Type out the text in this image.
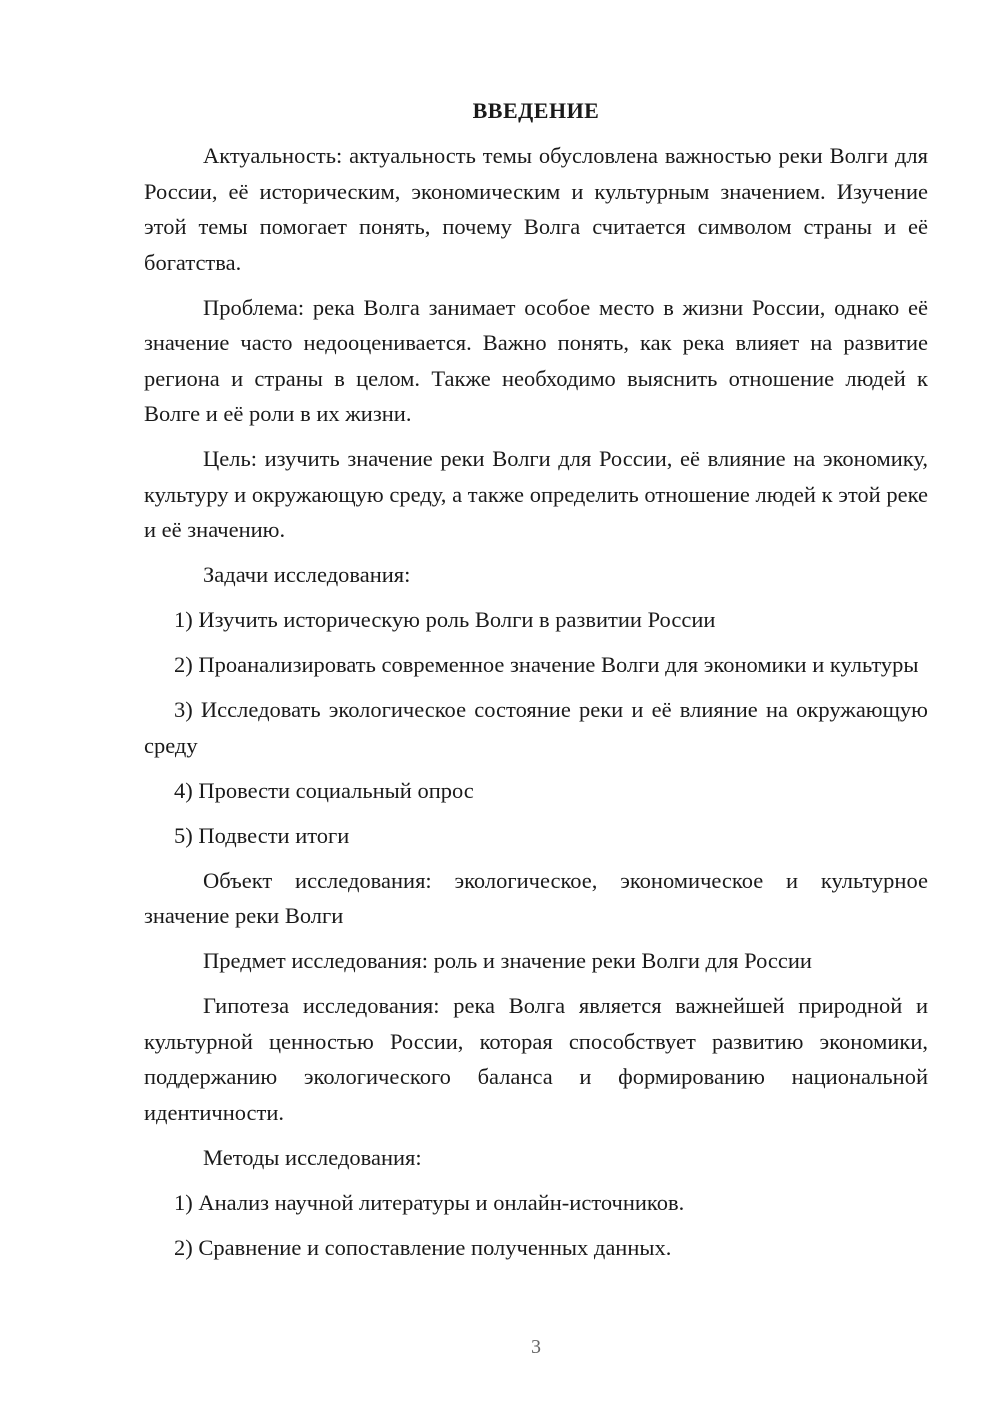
ВВЕДЕНИЕ

Актуальность: актуальность темы обусловлена важностью реки Волги для России, её историческим, экономическим и культурным значением. Изучение этой темы помогает понять, почему Волга считается символом страны и её богатства.

Проблема: река Волга занимает особое место в жизни России, однако её значение часто недооценивается. Важно понять, как река влияет на развитие региона и страны в целом. Также необходимо выяснить отношение людей к Волге и её роли в их жизни.

Цель: изучить значение реки Волги для России, её влияние на экономику, культуру и окружающую среду, а также определить отношение людей к этой реке и её значению.

Задачи исследования:

1) Изучить историческую роль Волги в развитии России

2) Проанализировать современное значение Волги для экономики и культуры

3) Исследовать экологическое состояние реки и её влияние на окружающую среду

4) Провести социальный опрос

5) Подвести итоги

Объект исследования: экологическое, экономическое и культурное значение реки Волги

Предмет исследования: роль и значение реки Волги для России

Гипотеза исследования: река Волга является важнейшей природной и культурной ценностью России, которая способствует развитию экономики, поддержанию экологического баланса и формированию национальной идентичности.

Методы исследования:

1) Анализ научной литературы и онлайн-источников.

2) Сравнение и сопоставление полученных данных.

3
